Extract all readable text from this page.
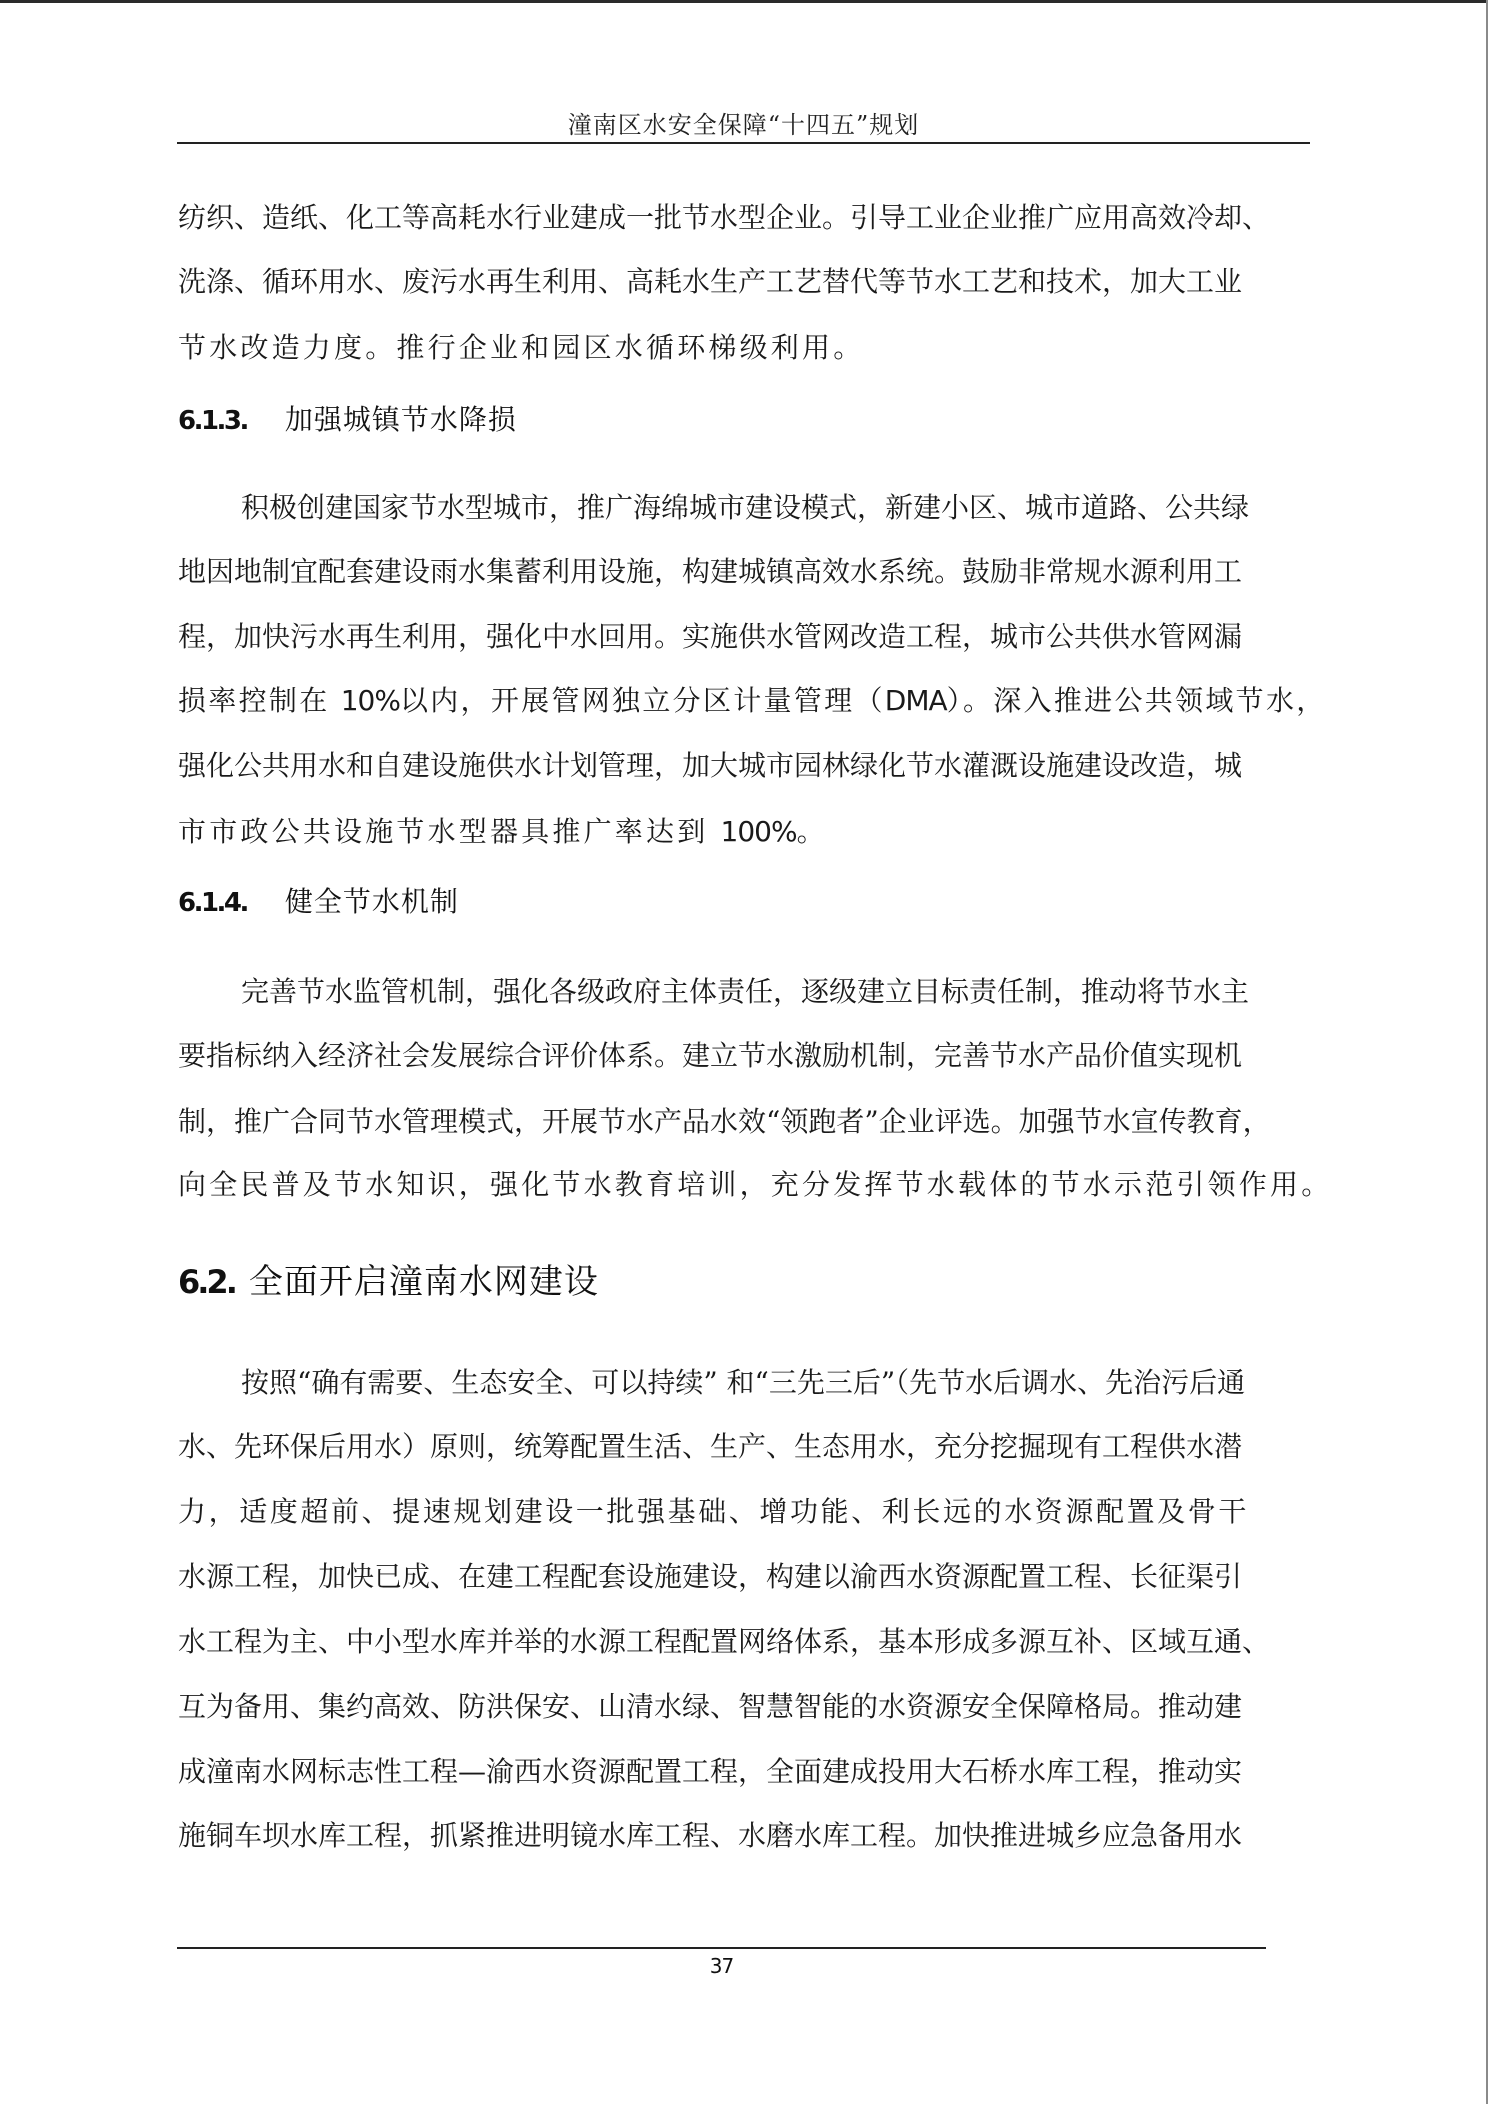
潼南区水安全保障“十四五”规划
纺织、造纸、化工等高耗水行业建成一批节水型企业。引导工业企业推广应用高效冷却、
洗涤、循环用水、废污水再生利用、高耗水生产工艺替代等节水工艺和技术，加大工业
节水改造力度。推行企业和园区水循环梯级利用。
6.1.3. 加强城镇节水降损
积极创建国家节水型城市，推广海绵城市建设模式，新建小区、城市道路、公共绿
地因地制宜配套建设雨水集蓄利用设施，构建城镇高效水系统。鼓励非常规水源利用工
程，加快污水再生利用，强化中水回用。实施供水管网改造工程，城市公共供水管网漏
损率控制在 10%以内，开展管网独立分区计量管理（DMA）。深入推进公共领域节水，
强化公共用水和自建设施供水计划管理，加大城市园林绿化节水灌溉设施建设改造，城
市市政公共设施节水型器具推广率达到 100%。
6.1.4. 健全节水机制
完善节水监管机制，强化各级政府主体责任，逐级建立目标责任制，推动将节水主
要指标纳入经济社会发展综合评价体系。建立节水激励机制，完善节水产品价值实现机
制，推广合同节水管理模式，开展节水产品水效“领跑者”企业评选。加强节水宣传教育，
向全民普及节水知识，强化节水教育培训，充分发挥节水载体的节水示范引领作用。
6.2. 全面开启潼南水网建设
按照“确有需要、生态安全、可以持续” 和“三先三后”（先节水后调水、先治污后通
水、先环保后用水）原则，统筹配置生活、生产、生态用水，充分挖掘现有工程供水潜
力，适度超前、提速规划建设一批强基础、增功能、利长远的水资源配置及骨干
水源工程，加快已成、在建工程配套设施建设，构建以渝西水资源配置工程、长征渠引
水工程为主、中小型水库并举的水源工程配置网络体系，基本形成多源互补、区域互通、
互为备用、集约高效、防洪保安、山清水绿、智慧智能的水资源安全保障格局。推动建
成潼南水网标志性工程—渝西水资源配置工程，全面建成投用大石桥水库工程，推动实
施铜车坝水库工程，抓紧推进明镜水库工程、水磨水库工程。加快推进城乡应急备用水
37
